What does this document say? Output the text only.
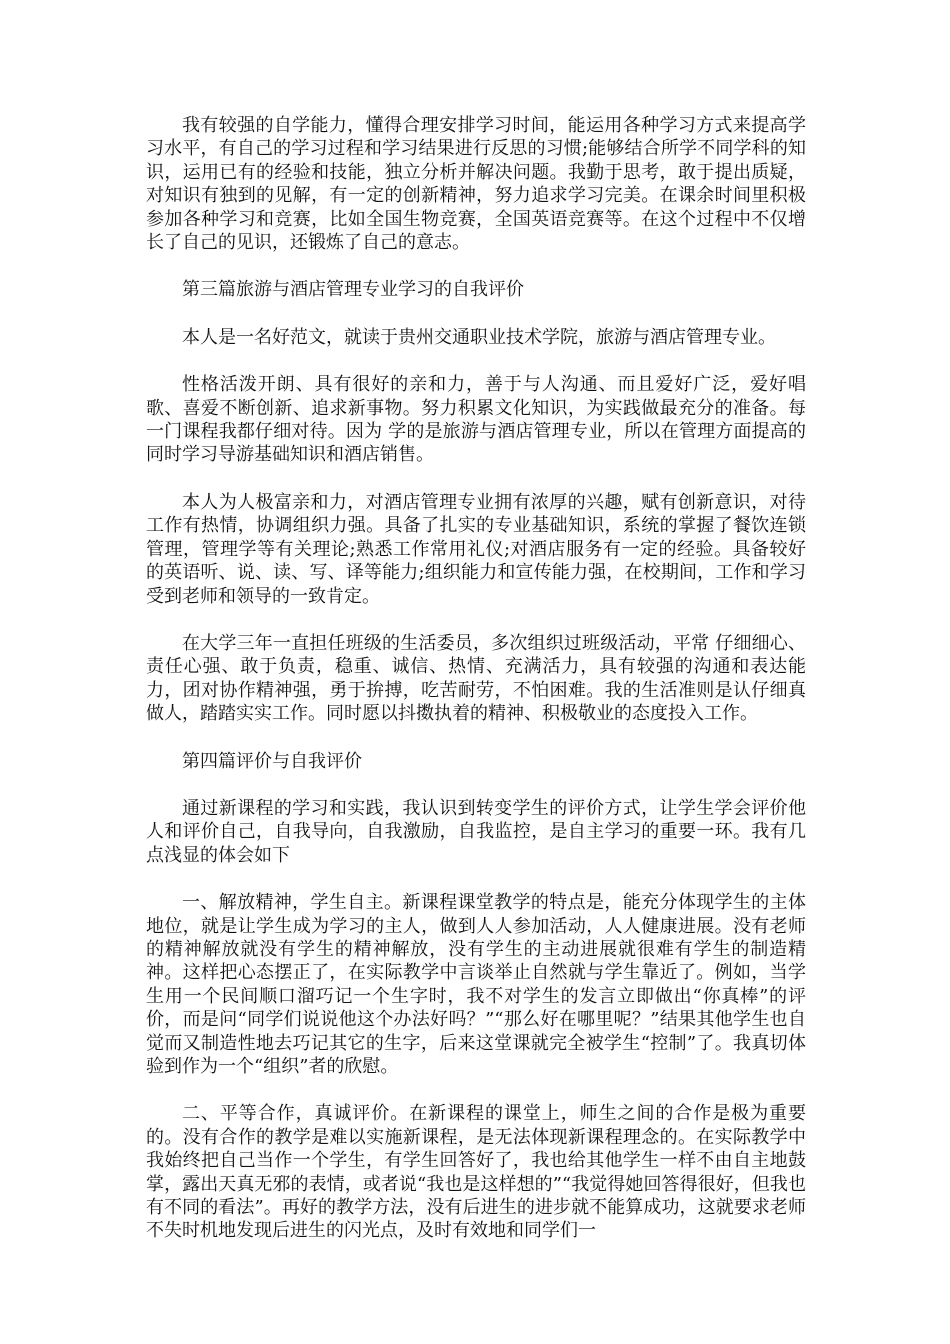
我有较强的自学能力，懂得合理安排学习时间，能运用各种学习方式来提高学习水平，有自己的学习过程和学习结果进行反思的习惯;能够结合所学不同学科的知识，运用已有的经验和技能，独立分析并解决问题。我勤于思考，敢于提出质疑，对知识有独到的见解，有一定的创新精神，努力追求学习完美。在课余时间里积极参加各种学习和竞赛，比如全国生物竞赛，全国英语竞赛等。在这个过程中不仅增长了自己的见识，还锻炼了自己的意志。

第三篇旅游与酒店管理专业学习的自我评价

本人是一名好范文，就读于贵州交通职业技术学院，旅游与酒店管理专业。

性格活泼开朗、具有很好的亲和力，善于与人沟通、而且爱好广泛，爱好唱歌、喜爱不断创新、追求新事物。努力积累文化知识，为实践做最充分的准备。每一门课程我都仔细对待。因为 学的是旅游与酒店管理专业，所以在管理方面提高的同时学习导游基础知识和酒店销售。

本人为人极富亲和力，对酒店管理专业拥有浓厚的兴趣，赋有创新意识，对待工作有热情，协调组织力强。具备了扎实的专业基础知识，系统的掌握了餐饮连锁管理，管理学等有关理论;熟悉工作常用礼仪;对酒店服务有一定的经验。具备较好的英语听、说、读、写、译等能力;组织能力和宣传能力强，在校期间，工作和学习受到老师和领导的一致肯定。

在大学三年一直担任班级的生活委员，多次组织过班级活动，平常 仔细细心、责任心强、敢于负责，稳重、诚信、热情、充满活力，具有较强的沟通和表达能力，团对协作精神强，勇于拚搏，吃苦耐劳，不怕困难。我的生活准则是认仔细真做人，踏踏实实工作。同时愿以抖擞执着的精神、积极敬业的态度投入工作。

第四篇评价与自我评价

通过新课程的学习和实践，我认识到转变学生的评价方式，让学生学会评价他人和评价自己，自我导向，自我激励，自我监控，是自主学习的重要一环。我有几点浅显的体会如下

一、解放精神，学生自主。新课程课堂教学的特点是，能充分体现学生的主体地位，就是让学生成为学习的主人，做到人人参加活动，人人健康进展。没有老师的精神解放就没有学生的精神解放，没有学生的主动进展就很难有学生的制造精神。这样把心态摆正了，在实际教学中言谈举止自然就与学生靠近了。例如，当学生用一个民间顺口溜巧记一个生字时，我不对学生的发言立即做出“你真棒”的评价，而是问“同学们说说他这个办法好吗？”“那么好在哪里呢？”结果其他学生也自觉而又制造性地去巧记其它的生字，后来这堂课就完全被学生“控制”了。我真切体验到作为一个“组织”者的欣慰。

二、平等合作，真诚评价。在新课程的课堂上，师生之间的合作是极为重要的。没有合作的教学是难以实施新课程，是无法体现新课程理念的。在实际教学中我始终把自己当作一个学生，有学生回答好了，我也给其他学生一样不由自主地鼓掌，露出天真无邪的表情，或者说“我也是这样想的”“我觉得她回答得很好，但我也有不同的看法”。再好的教学方法，没有后进生的进步就不能算成功，这就要求老师不失时机地发现后进生的闪光点，及时有效地和同学们一
